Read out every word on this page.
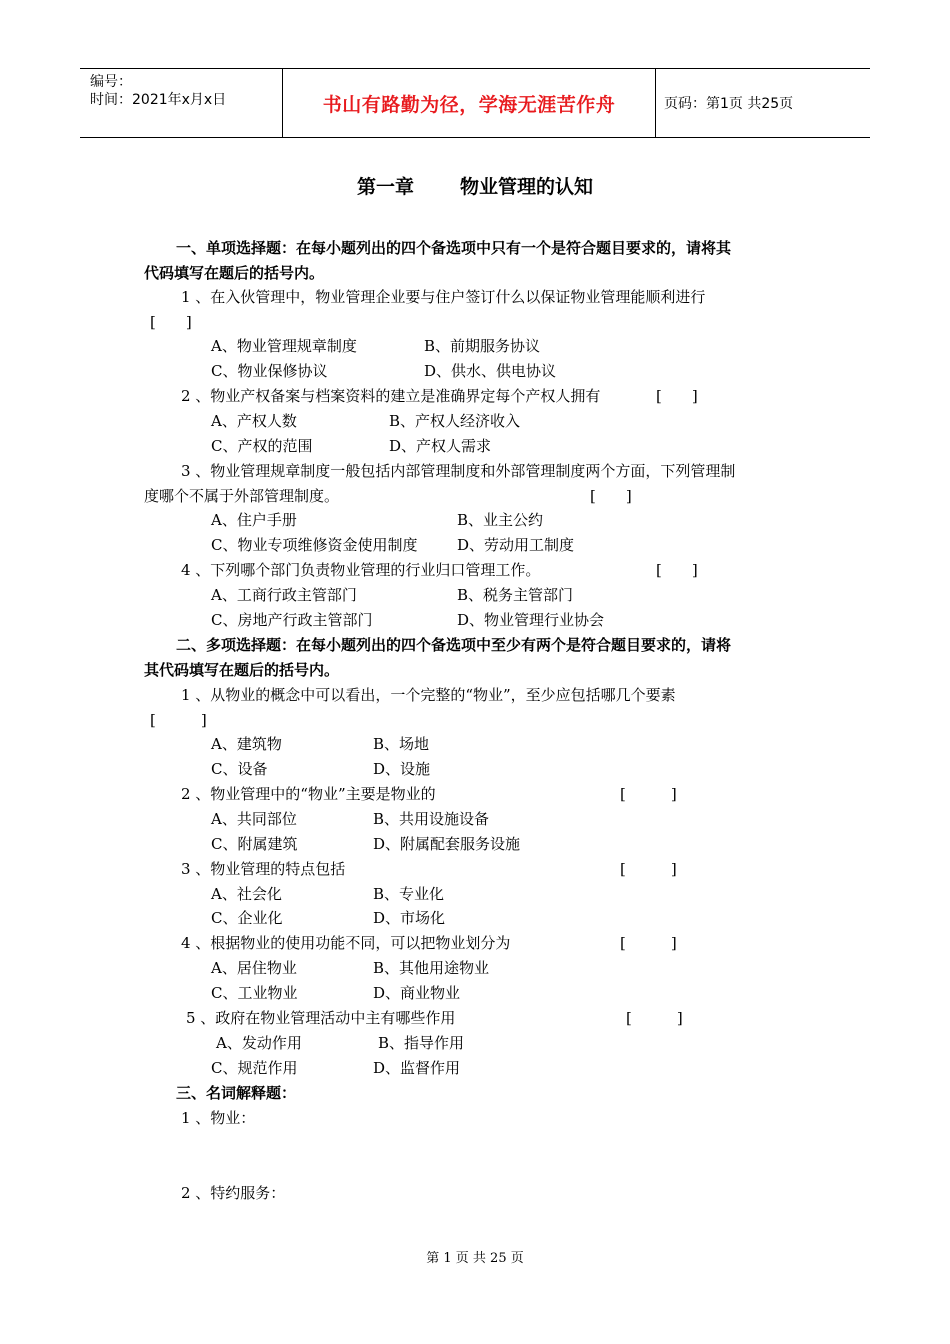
编号：
时间：2021年x月x日	书山有路勤为径，学海无涯苦作舟	页码：第1页 共25页
第一章 物业管理的认知
一、单项选择题：在每小题列出的四个备选项中只有一个是符合题目要求的，请将其
代码填写在题后的括号内。
1 、在入伙管理中，物业管理企业要与住户签订什么以保证物业管理能顺利进行
[　　]
A、物业管理规章制度	B、前期服务协议
C、物业保修协议	D、供水、供电协议
2 、物业产权备案与档案资料的建立是准确界定每个产权人拥有	[　　]
A、产权人数	B、产权人经济收入
C、产权的范围	D、产权人需求
3 、物业管理规章制度一般包括内部管理制度和外部管理制度两个方面，下列管理制
度哪个不属于外部管理制度。	[　　]
A、住户手册	B、业主公约
C、物业专项维修资金使用制度	D、劳动用工制度
4 、下列哪个部门负责物业管理的行业归口管理工作。	[　　]
A、工商行政主管部门	B、税务主管部门
C、房地产行政主管部门	D、物业管理行业协会
二、多项选择题：在每小题列出的四个备选项中至少有两个是符合题目要求的，请将
其代码填写在题后的括号内。
1 、从物业的概念中可以看出，一个完整的“物业”，至少应包括哪几个要素
[　　　]
A、建筑物	B、场地
C、设备	D、设施
2 、物业管理中的“物业”主要是物业的	[　　　]
A、共同部位	B、共用设施设备
C、附属建筑	D、附属配套服务设施
3 、物业管理的特点包括	[　　　]
A、社会化	B、专业化
C、企业化	D、市场化
4 、根据物业的使用功能不同，可以把物业划分为	[　　　]
A、居住物业	B、其他用途物业
C、工业物业	D、商业物业
5 、政府在物业管理活动中主有哪些作用	[　　　]
A、发动作用	B、指导作用
C、规范作用	D、监督作用
三、名词解释题：
1 、物业：
2 、特约服务：
第 1 页 共 25 页
